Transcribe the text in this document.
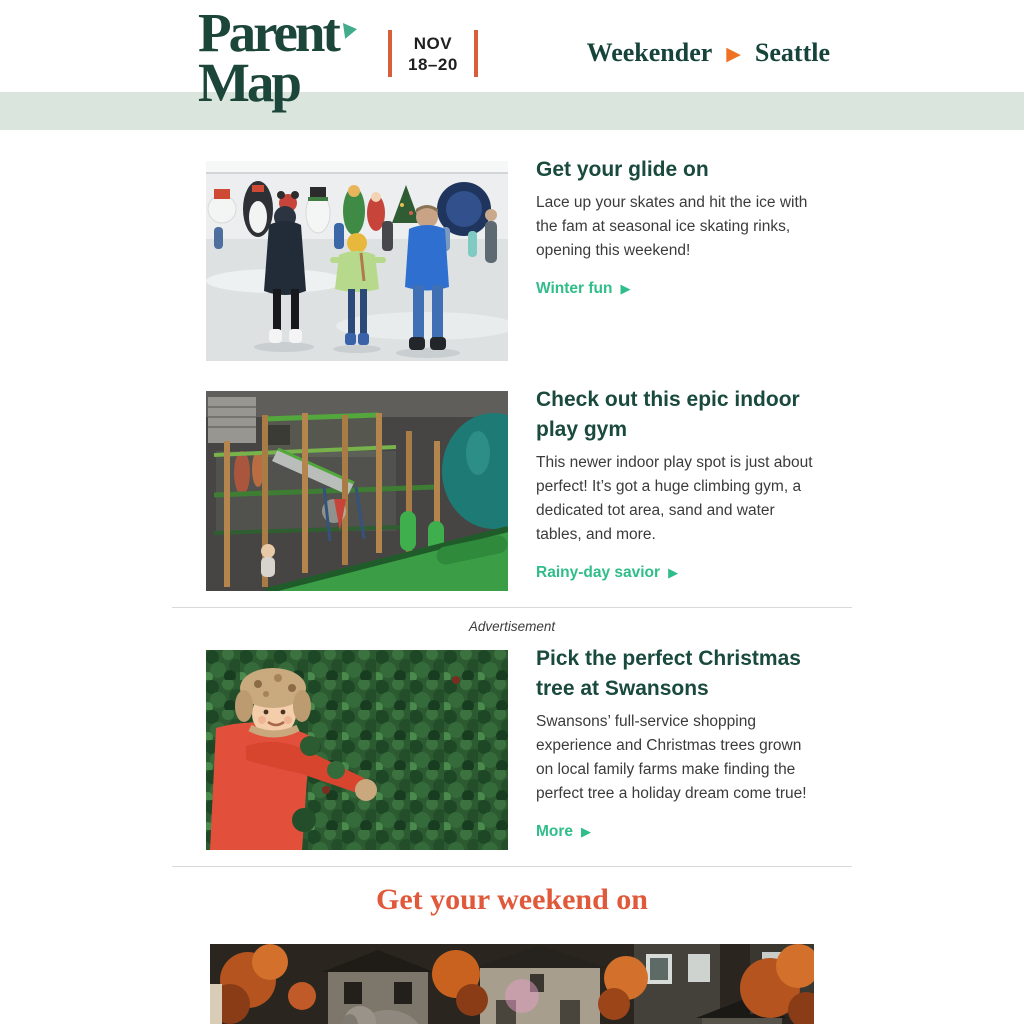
Parent
Map
NOV
18–20	Weekender ▶ Seattle
Get your glide on

Lace up your skates and hit the ice with the fam at seasonal ice skating rinks, opening this weekend!

Winter fun ▶
Check out this epic indoor play gym

This newer indoor play spot is just about perfect! It’s got a huge climbing gym, a dedicated tot area, sand and water tables, and more.

Rainy-day savior ▶
Advertisement
Pick the perfect Christmas tree at Swansons

Swansons’ full-service shopping experience and Christmas trees grown on local family farms make finding the perfect tree a holiday dream come true!

More ▶
Get your weekend on
